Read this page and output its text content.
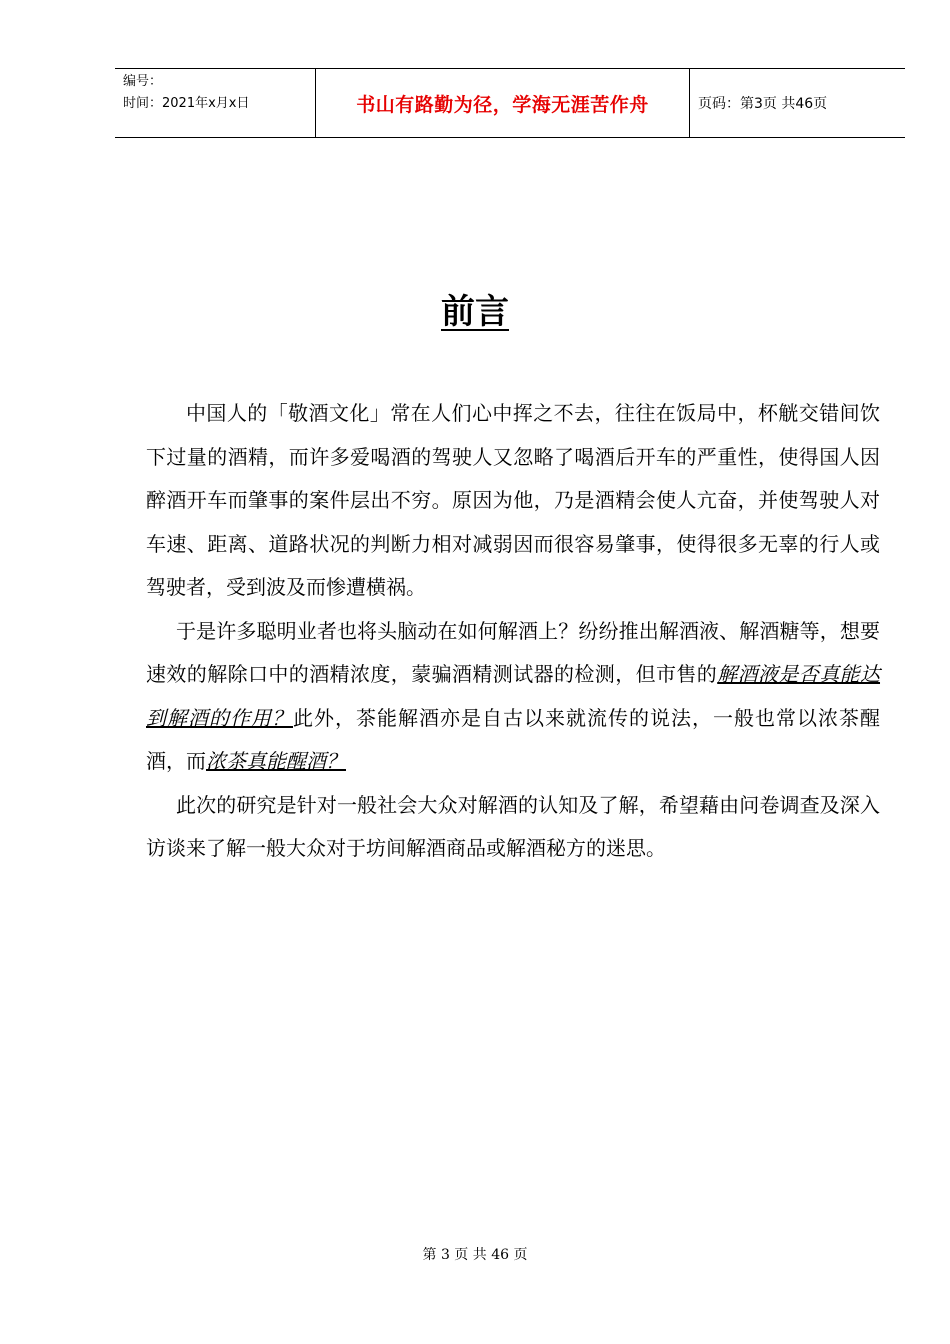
编号：
时间：2021年x月x日	书山有路勤为径，学海无涯苦作舟	页码：第3页 共46页
前言

中国人的「敬酒文化」常在人们心中挥之不去，往往在饭局中，杯觥交错间饮下过量的酒精，而许多爱喝酒的驾驶人又忽略了喝酒后开车的严重性，使得国人因醉酒开车而肇事的案件层出不穷。原因为他，乃是酒精会使人亢奋，并使驾驶人对车速、距离、道路状况的判断力相对减弱因而很容易肇事，使得很多无辜的行人或驾驶者，受到波及而惨遭横祸。

于是许多聪明业者也将头脑动在如何解酒上？纷纷推出解酒液、解酒糖等，想要速效的解除口中的酒精浓度，蒙骗酒精测试器的检测，但市售的解酒液是否真能达到解酒的作用？此外，茶能解酒亦是自古以来就流传的说法，一般也常以浓茶醒酒，而浓茶真能醒酒？

此次的研究是针对一般社会大众对解酒的认知及了解，希望藉由问卷调查及深入访谈来了解一般大众对于坊间解酒商品或解酒秘方的迷思。

第 3 页 共 46 页
